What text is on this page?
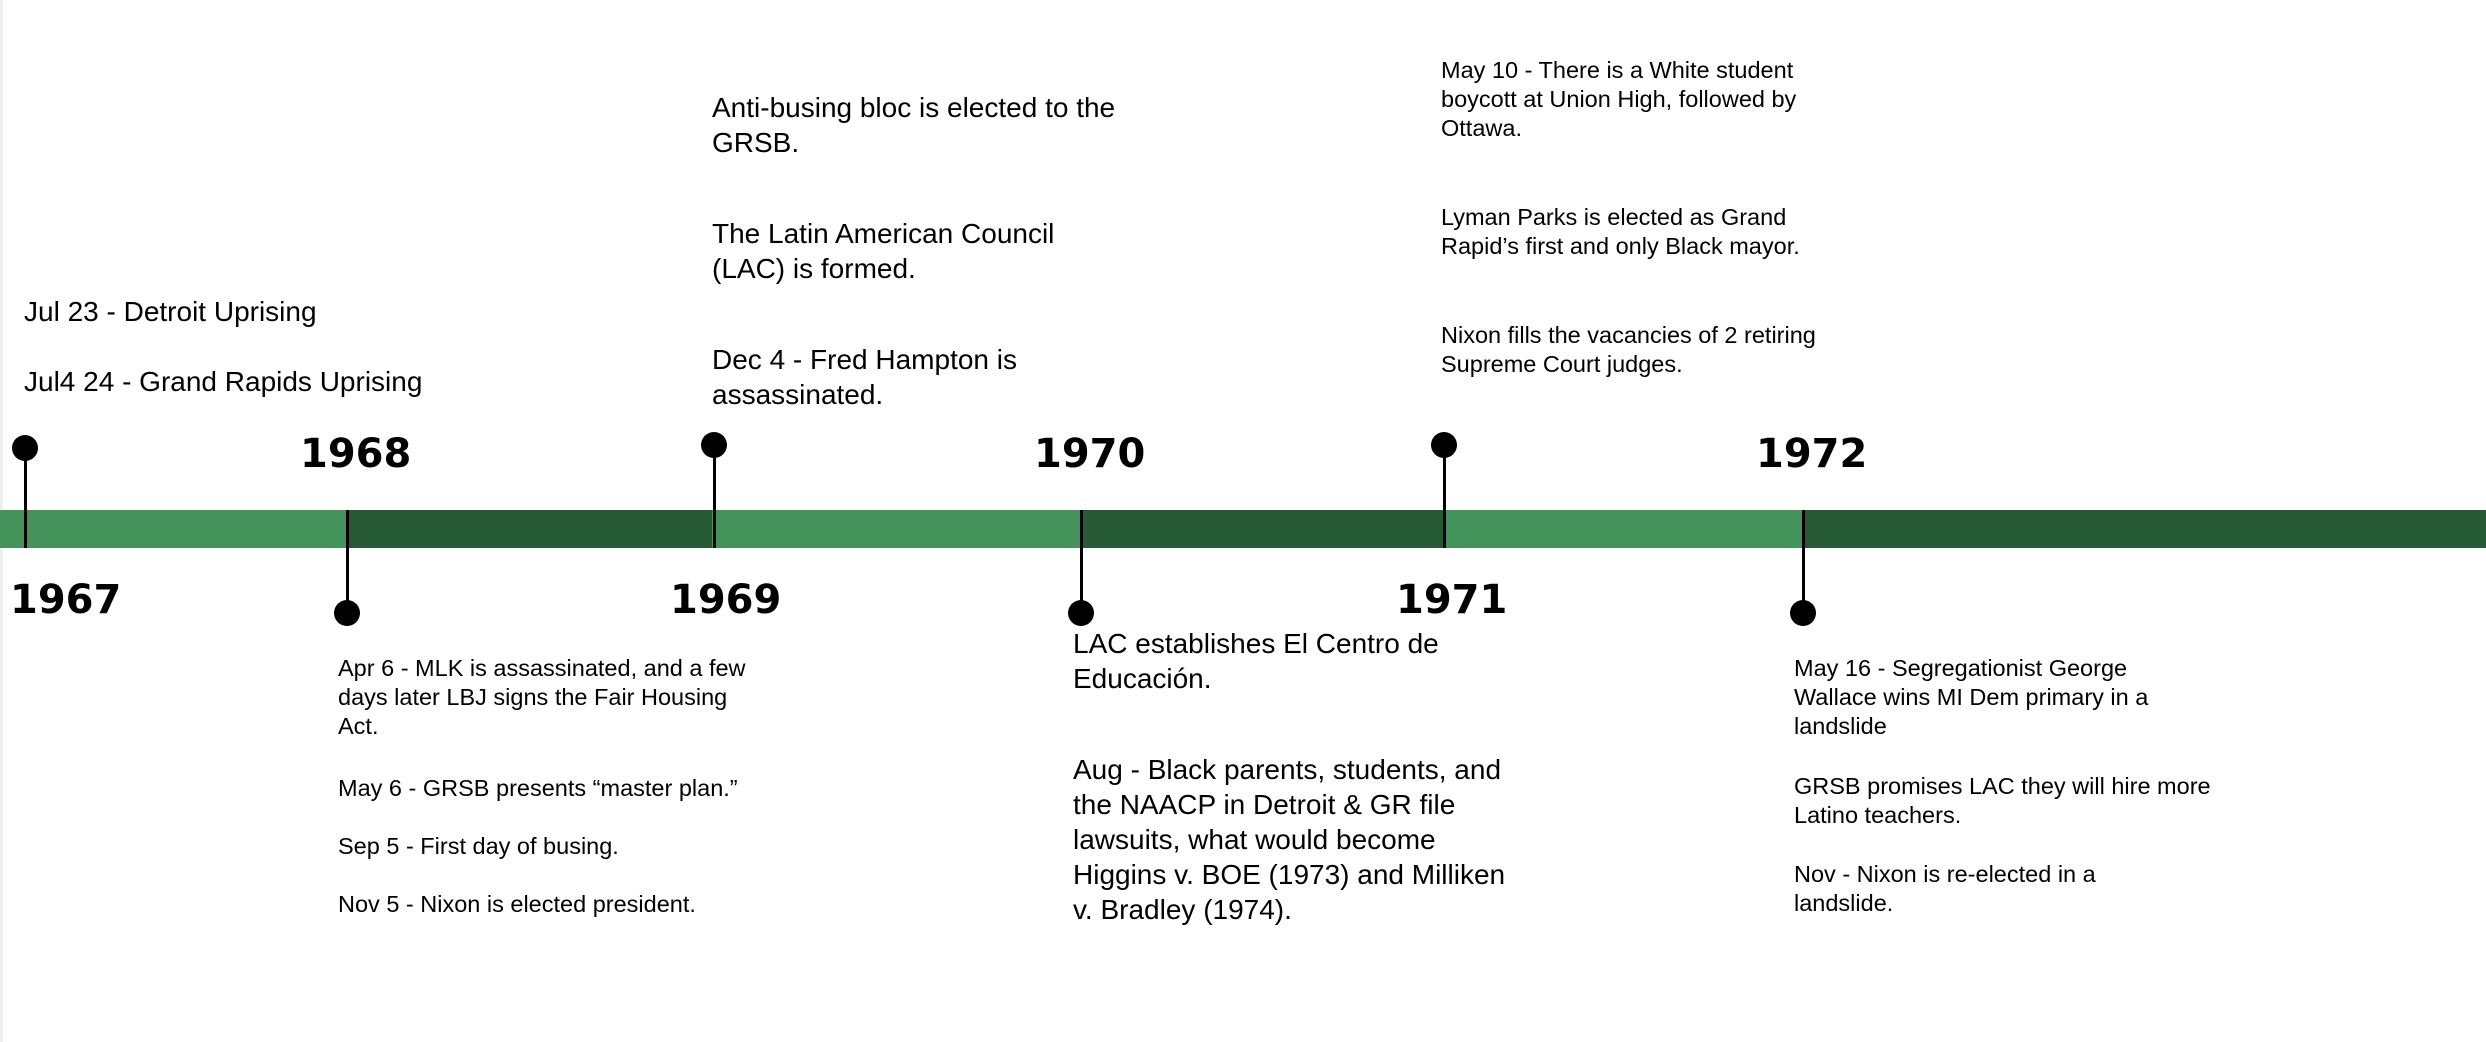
1967
1968
1969
1970
1971
1972
Jul 23 - Detroit Uprising
Jul4 24 - Grand Rapids Uprising
Apr 6 - MLK is assassinated, and a few days later LBJ signs the Fair Housing Act.
May 6 - GRSB presents “master plan.”
Sep 5 - First day of busing.
Nov 5 - Nixon is elected president.
Anti-busing bloc is elected to the GRSB.
The Latin American Council (LAC) is formed.
Dec 4 - Fred Hampton is assassinated.
LAC establishes El Centro de Educación.
Aug - Black parents, students, and the NAACP in Detroit & GR file lawsuits, what would become Higgins v. BOE (1973) and Milliken v. Bradley (1974).
May 10 - There is a White student boycott at Union High, followed by Ottawa.
Lyman Parks is elected as Grand Rapid’s first and only Black mayor.
Nixon fills the vacancies of 2 retiring Supreme Court judges.
May 16 - Segregationist George Wallace wins MI Dem primary in a landslide
GRSB promises LAC they will hire more Latino teachers.
Nov - Nixon is re-elected in a landslide.
